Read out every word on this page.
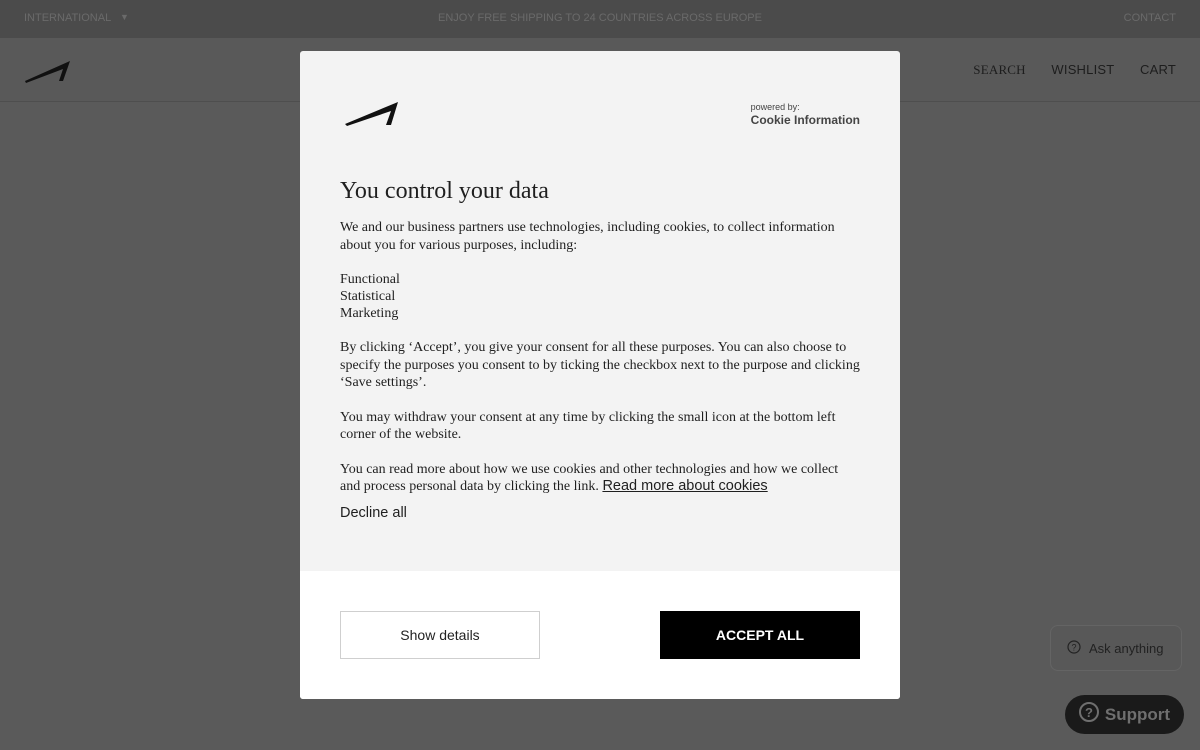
INTERNATIONAL ▼	ENJOY FREE SHIPPING TO 24 COUNTRIES ACROSS EUROPE	CONTACT
SEARCH WISHLIST CART
powered by:
Cookie Information
You control your data

We and our business partners use technologies, including cookies, to collect information about you for various purposes, including:

Functional
Statistical
Marketing

By clicking ‘Accept’, you give your consent for all these purposes. You can also choose to specify the purposes you consent to by ticking the checkbox next to the purpose and clicking ‘Save settings’.

You may withdraw your consent at any time by clicking the small icon at the bottom left corner of the website.

You can read more about how we use cookies and other technologies and how we collect and process personal data by clicking the link. Read more about cookies

Decline all
Show details	ACCEPT ALL
? Ask anything
? Support
